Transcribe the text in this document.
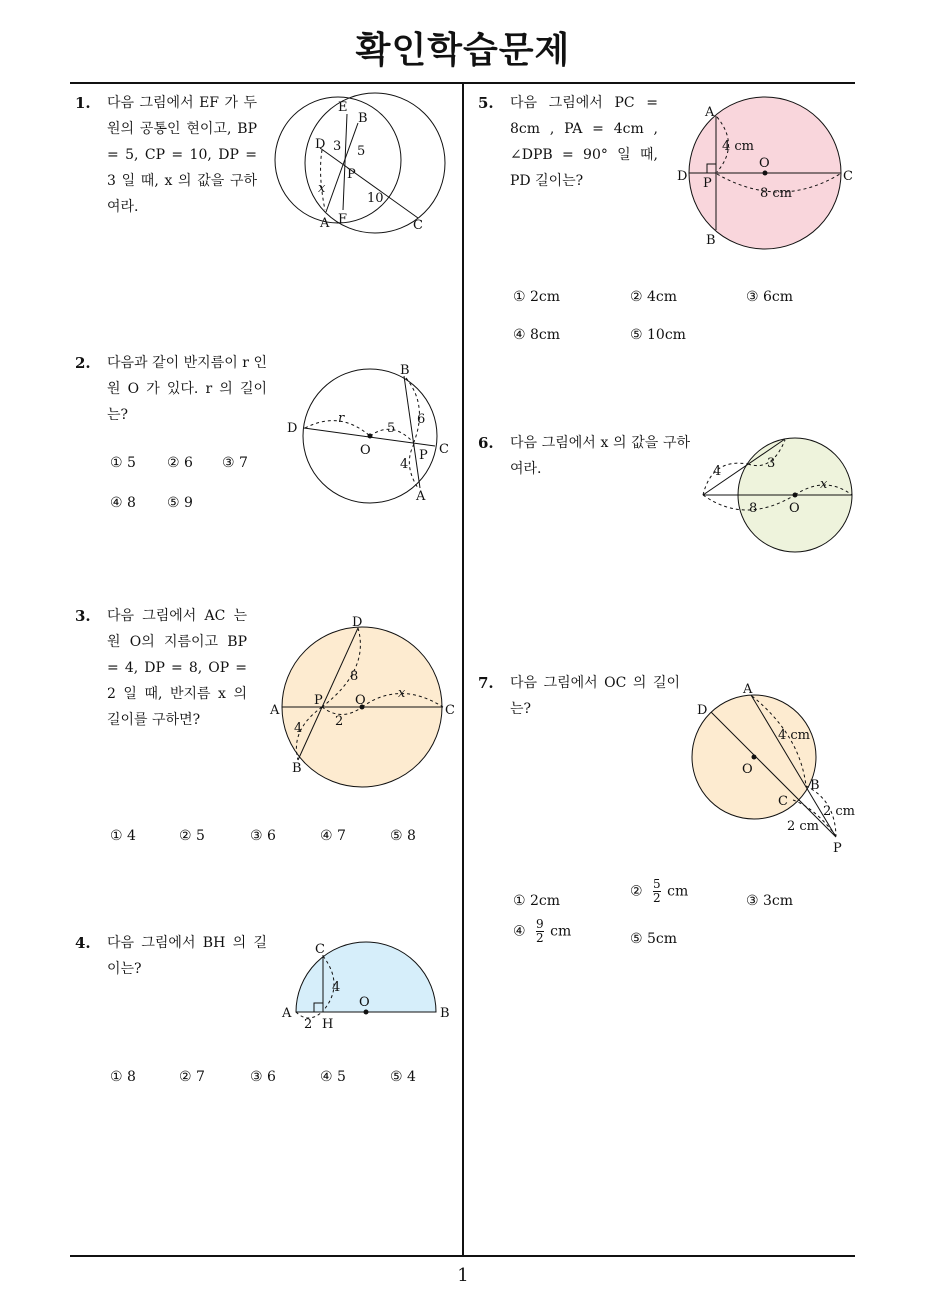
확인학습문제
1
1. 다음 그림에서 EF 가 두 원의 공통인 현이고, BP = 5, CP = 10, DP = 3 일 때, x 의 값을 구하여라.
E
B
D 3 5
P
x
10
A F	C
2. 다음과 같이 반지름이 r 인 원 O 가 있다. r 의 길이는?
① 5 ② 6 ③ 7
④ 8 ⑤ 9
B
D
r
5
6
O	C
P
4
A
3. 다음 그림에서 AC 는 원 O의 지름이고 BP = 4, DP = 8, OP = 2 일 때, 반지름 x 의 길이를 구하면?
① 4	② 5	③ 6	④ 7	⑤ 8
D
8
P O x
A	C
4	2
B
4. 다음 그림에서 BH 의 길이는?
① 8	② 7	③ 6	④ 5	⑤ 4
C
4
O
A
2 H
B
5. 다음 그림에서 PC = 8cm , PA = 4cm , ∠DPB = 90° 일 때, PD 길이는?
① 2cm	② 4cm	③ 6cm
④ 8cm	⑤ 10cm
A
4 cm
O
D P	C
8 cm
B
6. 다음 그림에서 x 의 값을 구하여라.	4
3
x
8 O
7. 다음 그림에서 OC 의 길이는?
① 2cm
② $\frac{5}{2}$ cm
③ 3cm
④ $\frac{9}{2}$ cm	⑤ 5cm
A
D
4 cm
O
B
C
2 cm
2 cm
P
